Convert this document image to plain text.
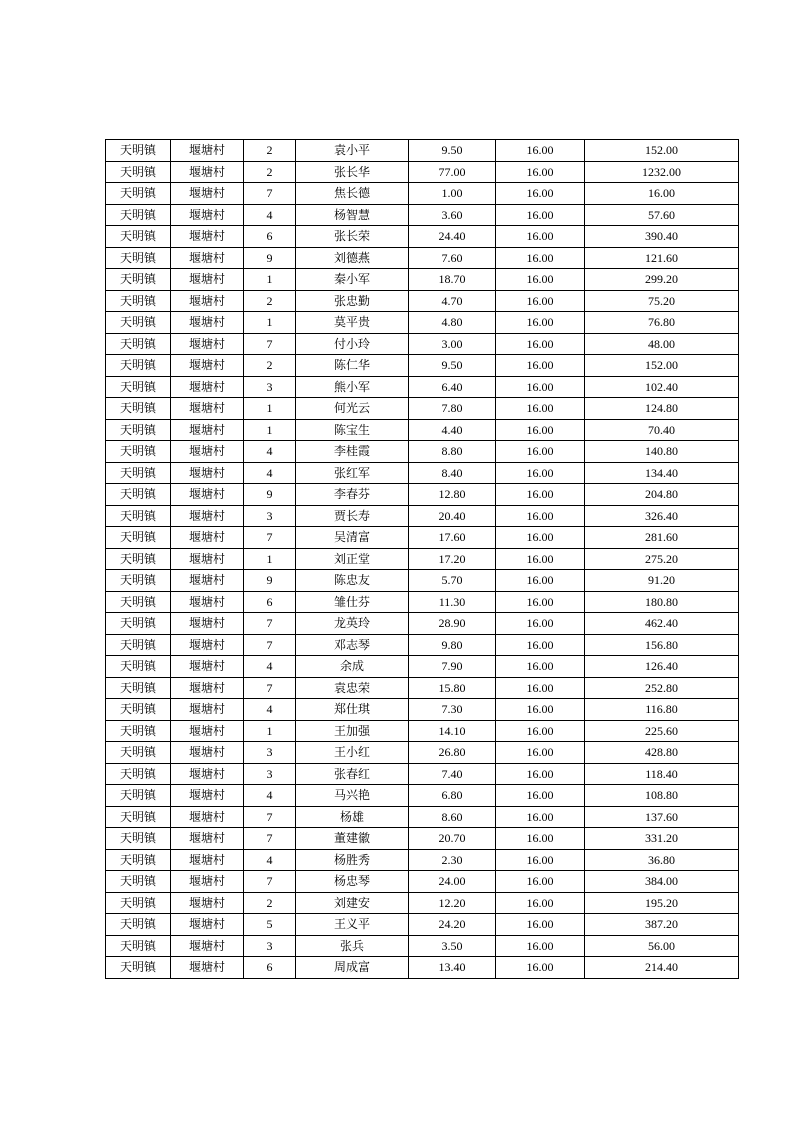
天明镇	堰塘村	2	袁小平	9.50	16.00	152.00
天明镇	堰塘村	2	张长华	77.00	16.00	1232.00
天明镇	堰塘村	7	焦长德	1.00	16.00	16.00
天明镇	堰塘村	4	杨智慧	3.60	16.00	57.60
天明镇	堰塘村	6	张长荣	24.40	16.00	390.40
天明镇	堰塘村	9	刘德燕	7.60	16.00	121.60
天明镇	堰塘村	1	秦小军	18.70	16.00	299.20
天明镇	堰塘村	2	张忠勤	4.70	16.00	75.20
天明镇	堰塘村	1	莫平贵	4.80	16.00	76.80
天明镇	堰塘村	7	付小玲	3.00	16.00	48.00
天明镇	堰塘村	2	陈仁华	9.50	16.00	152.00
天明镇	堰塘村	3	熊小军	6.40	16.00	102.40
天明镇	堰塘村	1	何光云	7.80	16.00	124.80
天明镇	堰塘村	1	陈宝生	4.40	16.00	70.40
天明镇	堰塘村	4	李桂霞	8.80	16.00	140.80
天明镇	堰塘村	4	张红军	8.40	16.00	134.40
天明镇	堰塘村	9	李春芬	12.80	16.00	204.80
天明镇	堰塘村	3	贾长寿	20.40	16.00	326.40
天明镇	堰塘村	7	吴清富	17.60	16.00	281.60
天明镇	堰塘村	1	刘正堂	17.20	16.00	275.20
天明镇	堰塘村	9	陈忠友	5.70	16.00	91.20
天明镇	堰塘村	6	雏仕芬	11.30	16.00	180.80
天明镇	堰塘村	7	龙英玲	28.90	16.00	462.40
天明镇	堰塘村	7	邓志琴	9.80	16.00	156.80
天明镇	堰塘村	4	余成	7.90	16.00	126.40
天明镇	堰塘村	7	袁忠荣	15.80	16.00	252.80
天明镇	堰塘村	4	郑仕琪	7.30	16.00	116.80
天明镇	堰塘村	1	王加强	14.10	16.00	225.60
天明镇	堰塘村	3	王小红	26.80	16.00	428.80
天明镇	堰塘村	3	张春红	7.40	16.00	118.40
天明镇	堰塘村	4	马兴艳	6.80	16.00	108.80
天明镇	堰塘村	7	杨雄	8.60	16.00	137.60
天明镇	堰塘村	7	董建徽	20.70	16.00	331.20
天明镇	堰塘村	4	杨胜秀	2.30	16.00	36.80
天明镇	堰塘村	7	杨忠琴	24.00	16.00	384.00
天明镇	堰塘村	2	刘建安	12.20	16.00	195.20
天明镇	堰塘村	5	王义平	24.20	16.00	387.20
天明镇	堰塘村	3	张兵	3.50	16.00	56.00
天明镇	堰塘村	6	周成富	13.40	16.00	214.40
